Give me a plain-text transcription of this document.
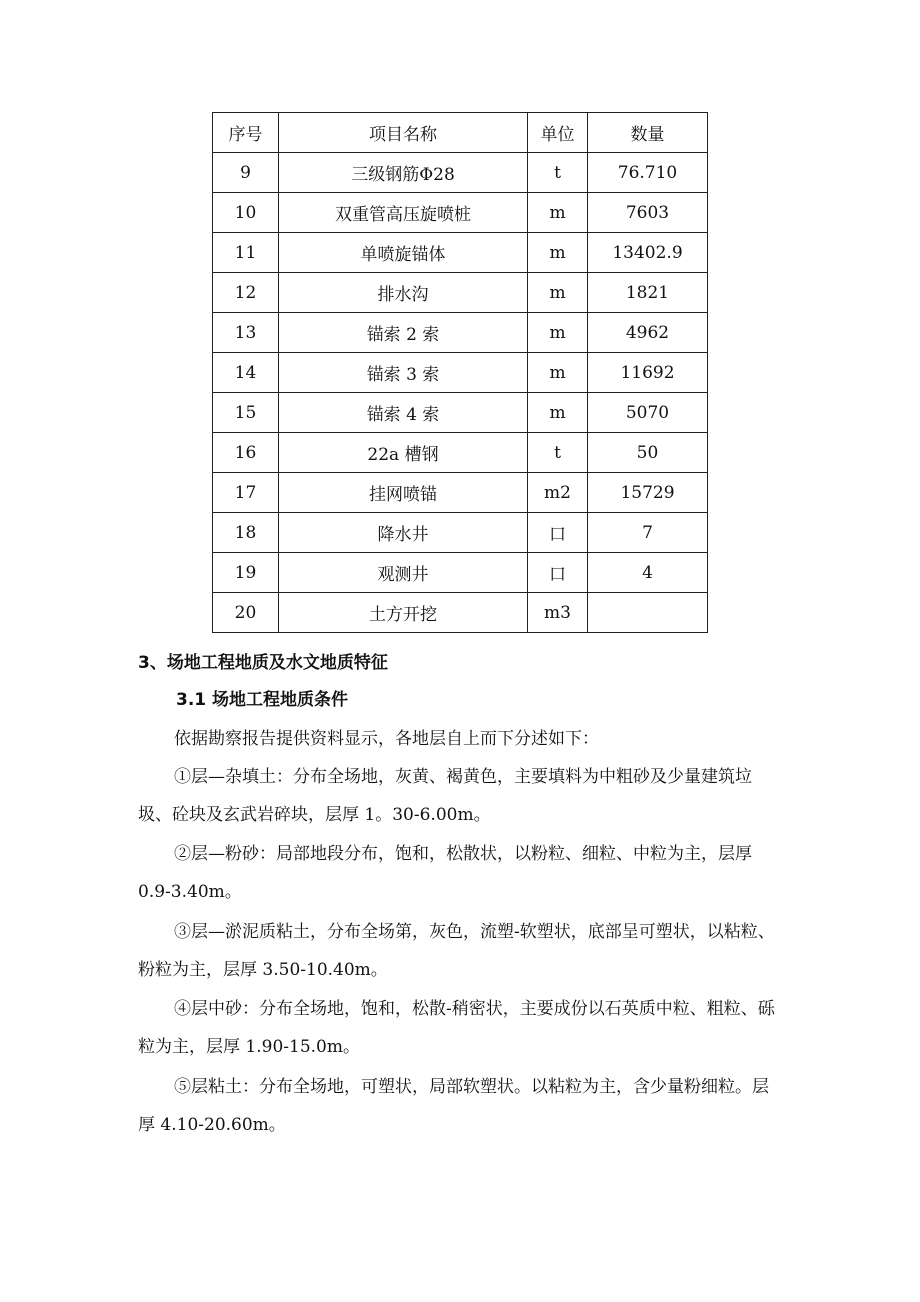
序号	项目名称	单位	数量
9	三级钢筋Φ28	t	76.710
10	双重管高压旋喷桩	m	7603
11	单喷旋锚体	m	13402.9
12	排水沟	m	1821
13	锚索 2 索	m	4962
14	锚索 3 索	m	11692
15	锚索 4 索	m	5070
16	22a 槽钢	t	50
17	挂网喷锚	m2	15729
18	降水井	口	7
19	观测井	口	4
20	土方开挖	m3	
3、场地工程地质及水文地质特征
3.1 场地工程地质条件

依据勘察报告提供资料显示，各地层自上而下分述如下：

①层—杂填土：分布全场地，灰黄、褐黄色，主要填料为中粗砂及少量建筑垃圾、砼块及玄武岩碎块，层厚 1。30-6.00m。

②层—粉砂：局部地段分布，饱和，松散状，以粉粒、细粒、中粒为主，层厚 0.9-3.40m。

③层—淤泥质粘土，分布全场第，灰色，流塑-软塑状，底部呈可塑状，以粘粒、粉粒为主，层厚 3.50-10.40m。

④层中砂：分布全场地，饱和，松散-稍密状，主要成份以石英质中粒、粗粒、砾粒为主，层厚 1.90-15.0m。

⑤层粘土：分布全场地，可塑状，局部软塑状。以粘粒为主，含少量粉细粒。层厚 4.10-20.60m。
